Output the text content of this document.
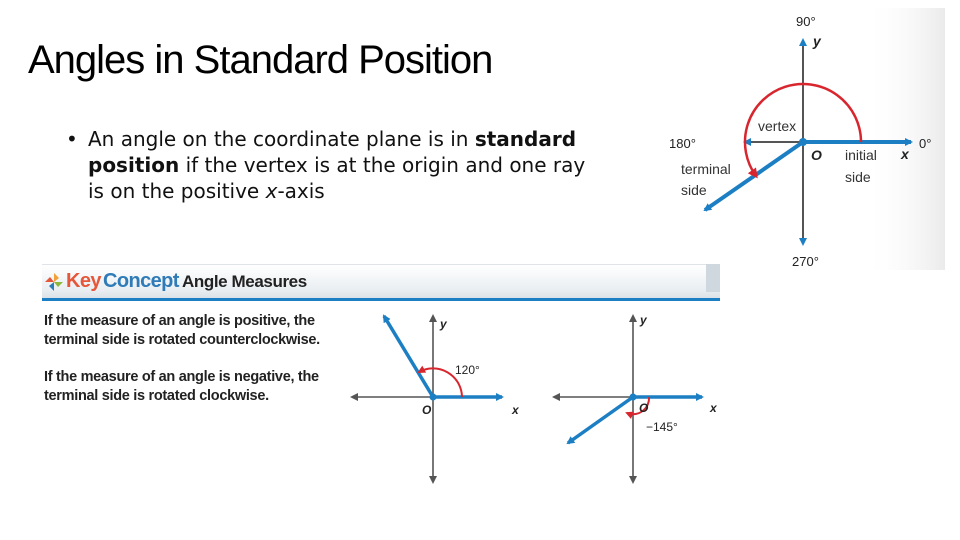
Angles in Standard Position
• An angle on the coordinate plane is in standard position if the vertex is at the origin and one ray is on the positive x-axis

90°
y
vertex
180°	0°
x
O initial
side
terminal
side
270°
Key Concept Angle Measures

If the measure of an angle is positive, the terminal side is rotated counterclockwise.

If the measure of an angle is negative, the terminal side is rotated clockwise.

y
120°
O	x
y
O	x
−145°
